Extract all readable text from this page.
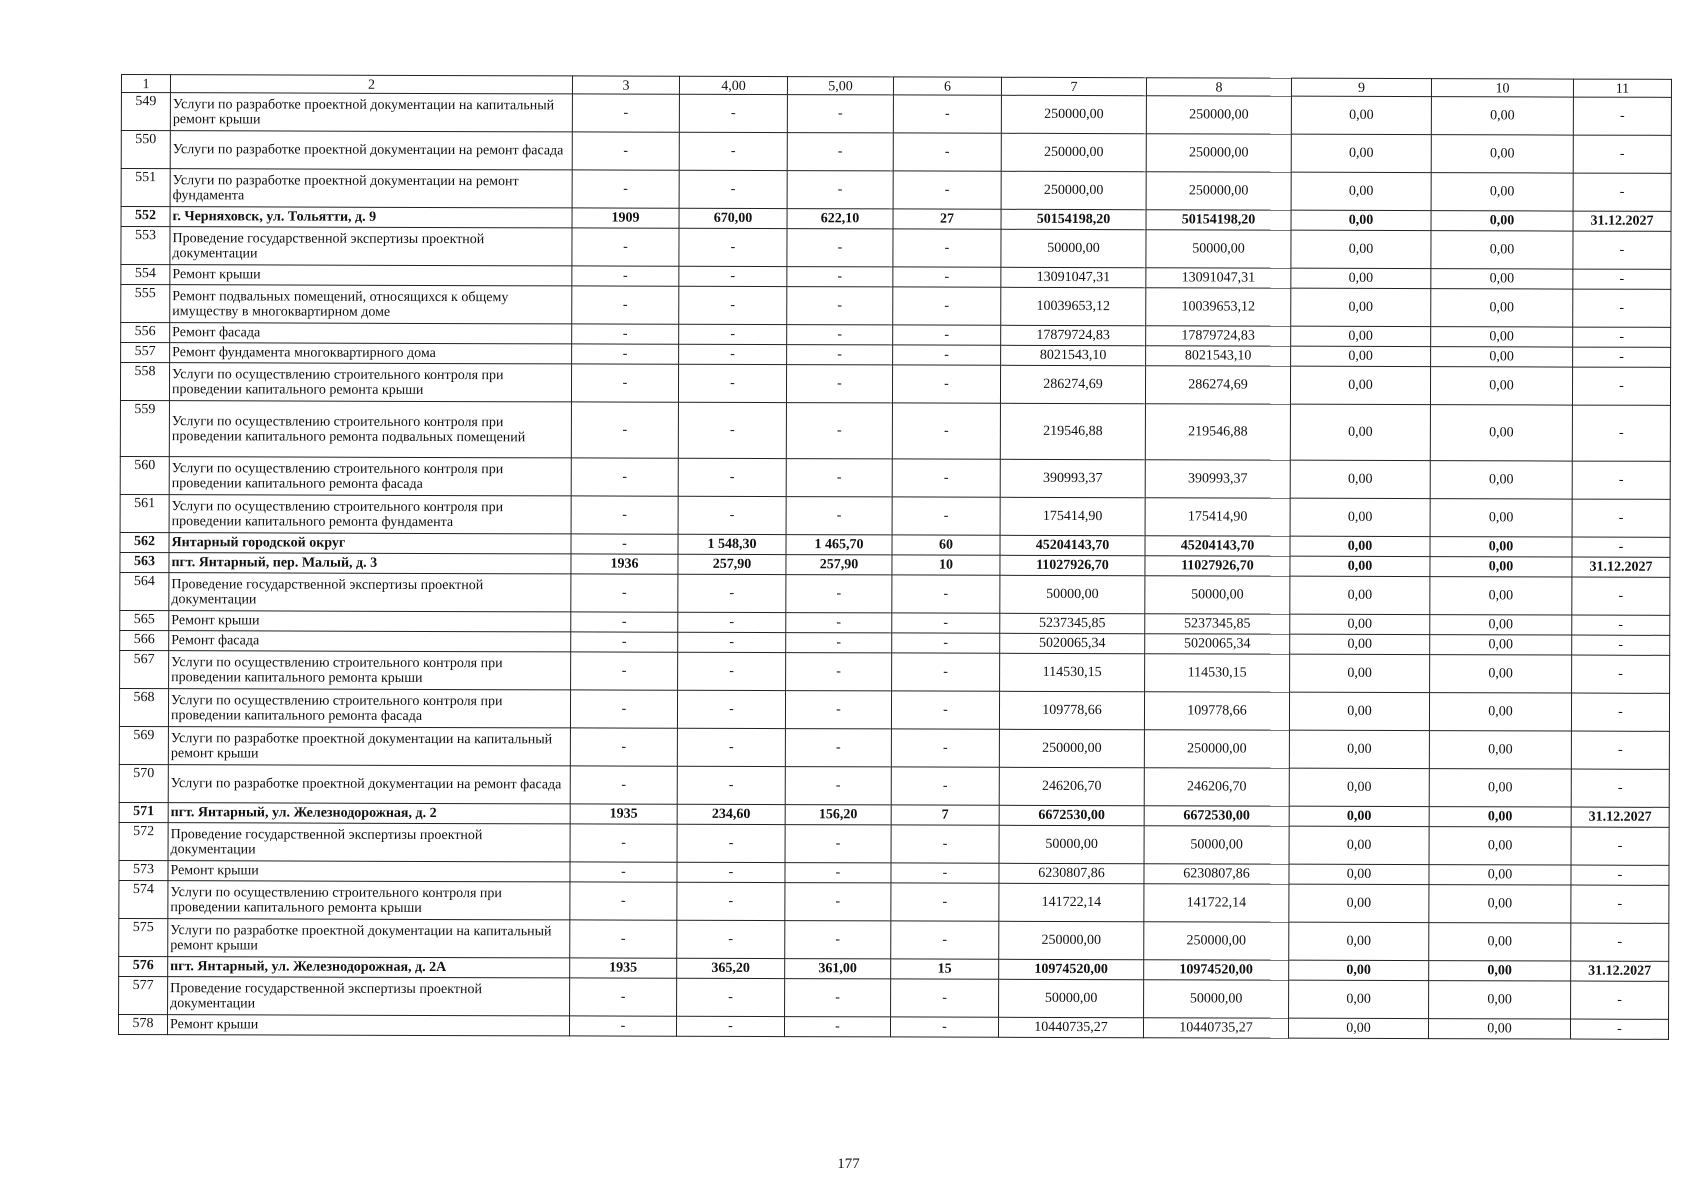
1	2	3	4,00	5,00	6	7	8	9	10	11
549	Услуги по разработке проектной документации на капитальный ремонт крыши	-	-	-	-	250000,00	250000,00	0,00	0,00	-
550	Услуги по разработке проектной документации на ремонт фасада	-	-	-	-	250000,00	250000,00	0,00	0,00	-
551	Услуги по разработке проектной документации на ремонт фундамента	-	-	-	-	250000,00	250000,00	0,00	0,00	-
552	г. Черняховск, ул. Тольятти, д. 9	1909	670,00	622,10	27	50154198,20	50154198,20	0,00	0,00	31.12.2027
553	Проведение государственной экспертизы проектной документации	-	-	-	-	50000,00	50000,00	0,00	0,00	-
554	Ремонт крыши	-	-	-	-	13091047,31	13091047,31	0,00	0,00	-
555	Ремонт подвальных помещений, относящихся к общему имуществу в многоквартирном доме	-	-	-	-	10039653,12	10039653,12	0,00	0,00	-
556	Ремонт фасада	-	-	-	-	17879724,83	17879724,83	0,00	0,00	-
557	Ремонт фундамента многоквартирного дома	-	-	-	-	8021543,10	8021543,10	0,00	0,00	-
558	Услуги по осуществлению строительного контроля при проведении капитального ремонта крыши	-	-	-	-	286274,69	286274,69	0,00	0,00	-
559	Услуги по осуществлению строительного контроля при проведении капитального ремонта подвальных помещений	-	-	-	-	219546,88	219546,88	0,00	0,00	-
560	Услуги по осуществлению строительного контроля при проведении капитального ремонта фасада	-	-	-	-	390993,37	390993,37	0,00	0,00	-
561	Услуги по осуществлению строительного контроля при проведении капитального ремонта фундамента	-	-	-	-	175414,90	175414,90	0,00	0,00	-
562	Янтарный городской округ	-	1 548,30	1 465,70	60	45204143,70	45204143,70	0,00	0,00	-
563	пгт. Янтарный, пер. Малый, д. 3	1936	257,90	257,90	10	11027926,70	11027926,70	0,00	0,00	31.12.2027
564	Проведение государственной экспертизы проектной документации	-	-	-	-	50000,00	50000,00	0,00	0,00	-
565	Ремонт крыши	-	-	-	-	5237345,85	5237345,85	0,00	0,00	-
566	Ремонт фасада	-	-	-	-	5020065,34	5020065,34	0,00	0,00	-
567	Услуги по осуществлению строительного контроля при проведении капитального ремонта крыши	-	-	-	-	114530,15	114530,15	0,00	0,00	-
568	Услуги по осуществлению строительного контроля при проведении капитального ремонта фасада	-	-	-	-	109778,66	109778,66	0,00	0,00	-
569	Услуги по разработке проектной документации на капитальный ремонт крыши	-	-	-	-	250000,00	250000,00	0,00	0,00	-
570	Услуги по разработке проектной документации на ремонт фасада	-	-	-	-	246206,70	246206,70	0,00	0,00	-
571	пгт. Янтарный, ул. Железнодорожная, д. 2	1935	234,60	156,20	7	6672530,00	6672530,00	0,00	0,00	31.12.2027
572	Проведение государственной экспертизы проектной документации	-	-	-	-	50000,00	50000,00	0,00	0,00	-
573	Ремонт крыши	-	-	-	-	6230807,86	6230807,86	0,00	0,00	-
574	Услуги по осуществлению строительного контроля при проведении капитального ремонта крыши	-	-	-	-	141722,14	141722,14	0,00	0,00	-
575	Услуги по разработке проектной документации на капитальный ремонт крыши	-	-	-	-	250000,00	250000,00	0,00	0,00	-
576	пгт. Янтарный, ул. Железнодорожная, д. 2А	1935	365,20	361,00	15	10974520,00	10974520,00	0,00	0,00	31.12.2027
577	Проведение государственной экспертизы проектной документации	-	-	-	-	50000,00	50000,00	0,00	0,00	-
578	Ремонт крыши	-	-	-	-	10440735,27	10440735,27	0,00	0,00	-
177
